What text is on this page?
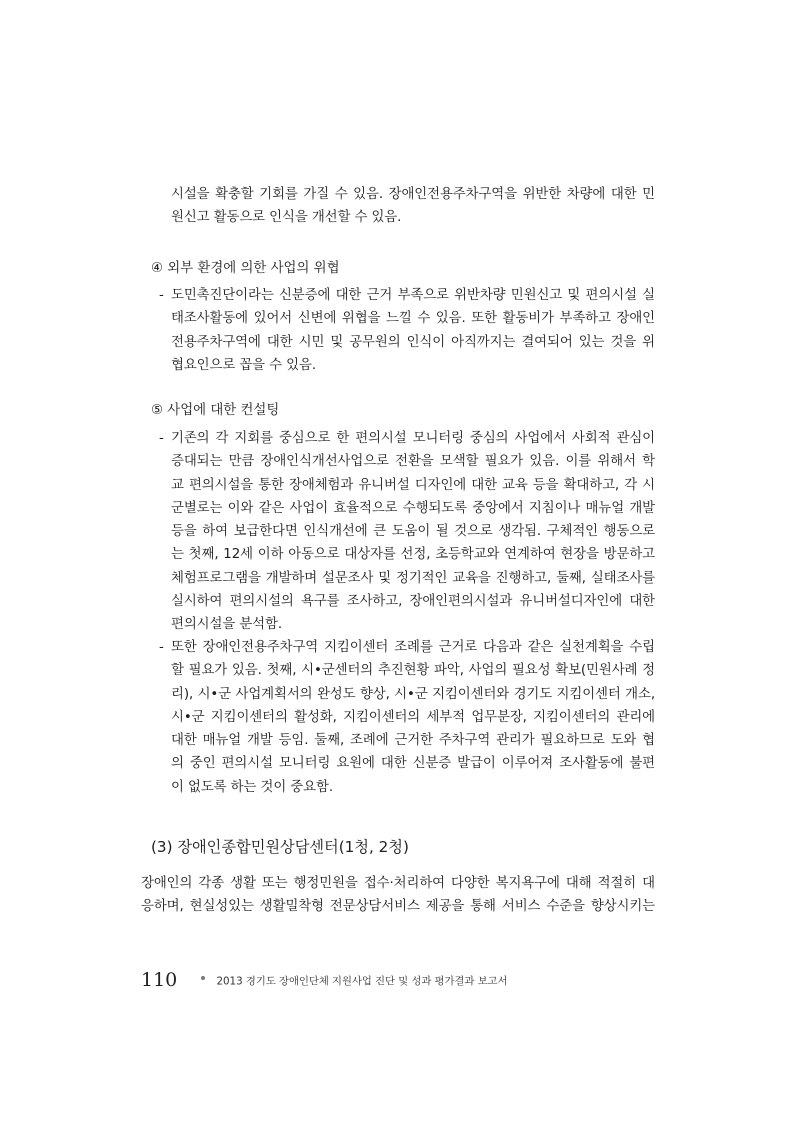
시설을 확충할 기회를 가질 수 있음. 장애인전용주차구역을 위반한 차량에 대한 민
원신고 활동으로 인식을 개선할 수 있음.
④ 외부 환경에 의한 사업의 위협
- 도민촉진단이라는 신분증에 대한 근거 부족으로 위반차량 민원신고 및 편의시설 실
태조사활동에 있어서 신변에 위협을 느낄 수 있음. 또한 활동비가 부족하고 장애인
전용주차구역에 대한 시민 및 공무원의 인식이 아직까지는 결여되어 있는 것을 위
협요인으로 꼽을 수 있음.
⑤ 사업에 대한 컨설팅
- 기존의 각 지회를 중심으로 한 편의시설 모니터링 중심의 사업에서 사회적 관심이
증대되는 만큼 장애인식개선사업으로 전환을 모색할 필요가 있음. 이를 위해서 학
교 편의시설을 통한 장애체험과 유니버설 디자인에 대한 교육 등을 확대하고, 각 시
군별로는 이와 같은 사업이 효율적으로 수행되도록 중앙에서 지침이나 매뉴얼 개발
등을 하여 보급한다면 인식개선에 큰 도움이 될 것으로 생각됨. 구체적인 행동으로
는 첫째, 12세 이하 아동으로 대상자를 선정, 초등학교와 연계하여 현장을 방문하고
체험프로그램을 개발하며 설문조사 및 정기적인 교육을 진행하고, 둘째, 실태조사를
실시하여 편의시설의 욕구를 조사하고, 장애인편의시설과 유니버설디자인에 대한
편의시설을 분석함.
- 또한 장애인전용주차구역 지킴이센터 조례를 근거로 다음과 같은 실천계획을 수립
할 필요가 있음. 첫째, 시•군센터의 추진현황 파악, 사업의 필요성 확보(민원사례 정
리), 시•군 사업계획서의 완성도 향상, 시•군 지킴이센터와 경기도 지킴이센터 개소,
시•군 지킴이센터의 활성화, 지킴이센터의 세부적 업무분장, 지킴이센터의 관리에
대한 매뉴얼 개발 등임. 둘째, 조례에 근거한 주차구역 관리가 필요하므로 도와 협
의 중인 편의시설 모니터링 요원에 대한 신분증 발급이 이루어져 조사활동에 불편
이 없도록 하는 것이 중요함.
(3) 장애인종합민원상담센터(1청, 2청)
장애인의 각종 생활 또는 행정민원을 접수·처리하여 다양한 복지욕구에 대해 적절히 대
응하며, 현실성있는 생활밀착형 전문상담서비스 제공을 통해 서비스 수준을 향상시키는
110	2013 경기도 장애인단체 지원사업 진단 및 성과 평가결과 보고서
